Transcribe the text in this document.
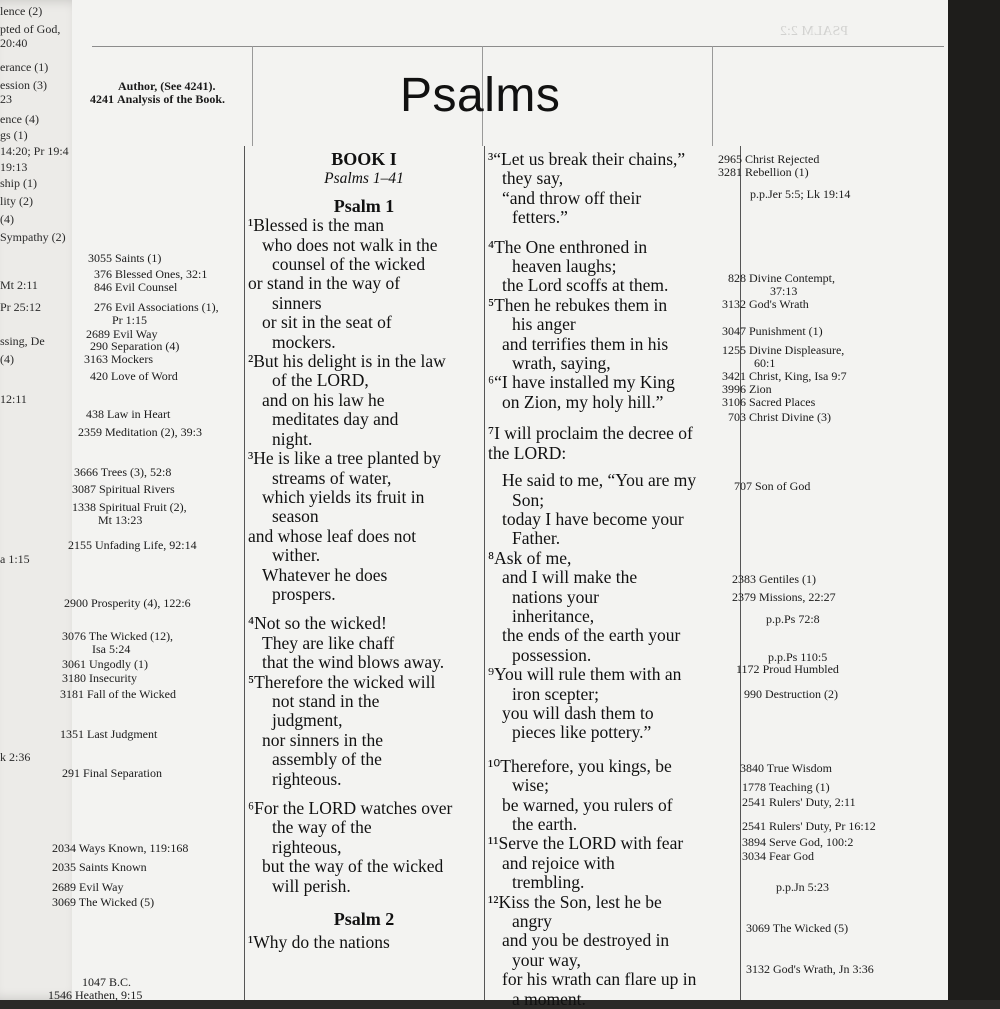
lence (2)
pted of God,
20:40
erance (1)
ession (3)
23
ence (4)
gs (1)
14:20; Pr 19:4
19:13
ship (1)
lity (2)
(4)
Sympathy (2)
Mt 2:11
Pr 25:12
ssing, De
(4)
12:11
a 1:15
k 2:36
PSALM 2:2
Psalms
Author, (See 4241).
4241 Analysis of the Book.
3055 Saints (1)
376 Blessed Ones, 32:1
846 Evil Counsel
276 Evil Associations (1),
Pr 1:15
2689 Evil Way
290 Separation (4)
3163 Mockers
420 Love of Word
438 Law in Heart
2359 Meditation (2), 39:3
3666 Trees (3), 52:8
3087 Spiritual Rivers
1338 Spiritual Fruit (2),
Mt 13:23
2155 Unfading Life, 92:14
2900 Prosperity (4), 122:6
3076 The Wicked (12),
Isa 5:24
3061 Ungodly (1)
3180 Insecurity
3181 Fall of the Wicked
1351 Last Judgment
291 Final Separation
2034 Ways Known, 119:168
2035 Saints Known
2689 Evil Way
3069 The Wicked (5)
1047 B.C.
1546 Heathen, 9:15
BOOK I
Psalms 1–41
Psalm 1
¹Blessed is the man
who does not walk in the
counsel of the wicked
or stand in the way of
sinners
or sit in the seat of
mockers.
²But his delight is in the law
of the LORD,
and on his law he
meditates day and
night.
³He is like a tree planted by
streams of water,
which yields its fruit in
season
and whose leaf does not
wither.
Whatever he does
prospers.
⁴Not so the wicked!
They are like chaff
that the wind blows away.
⁵Therefore the wicked will
not stand in the
judgment,
nor sinners in the
assembly of the
righteous.
⁶For the LORD watches over
the way of the
righteous,
but the way of the wicked
will perish.
Psalm 2
¹Why do the nations
³“Let us break their chains,”
they say,
“and throw off their
fetters.”
⁴The One enthroned in
heaven laughs;
the Lord scoffs at them.
⁵Then he rebukes them in
his anger
and terrifies them in his
wrath, saying,
⁶“I have installed my King
on Zion, my holy hill.”
⁷I will proclaim the decree of
the LORD:
He said to me, “You are my
Son;
today I have become your
Father.
⁸Ask of me,
and I will make the
nations your
inheritance,
the ends of the earth your
possession.
⁹You will rule them with an
iron scepter;
you will dash them to
pieces like pottery.”
¹⁰Therefore, you kings, be
wise;
be warned, you rulers of
the earth.
¹¹Serve the LORD with fear
and rejoice with
trembling.
¹²Kiss the Son, lest he be
angry
and you be destroyed in
your way,
for his wrath can flare up in
a moment.
2965 Christ Rejected
3281 Rebellion (1)
p.p.Jer 5:5; Lk 19:14
828 Divine Contempt,
37:13
3132 God's Wrath
3047 Punishment (1)
1255 Divine Displeasure,
60:1
3421 Christ, King, Isa 9:7
3996 Zion
3106 Sacred Places
703 Christ Divine (3)
707 Son of God
2383 Gentiles (1)
2379 Missions, 22:27
p.p.Ps 72:8
p.p.Ps 110:5
1172 Proud Humbled
990 Destruction (2)
3840 True Wisdom
1778 Teaching (1)
2541 Rulers' Duty, 2:11
2541 Rulers' Duty, Pr 16:12
3894 Serve God, 100:2
3034 Fear God
p.p.Jn 5:23
3069 The Wicked (5)
3132 God's Wrath, Jn 3:36
